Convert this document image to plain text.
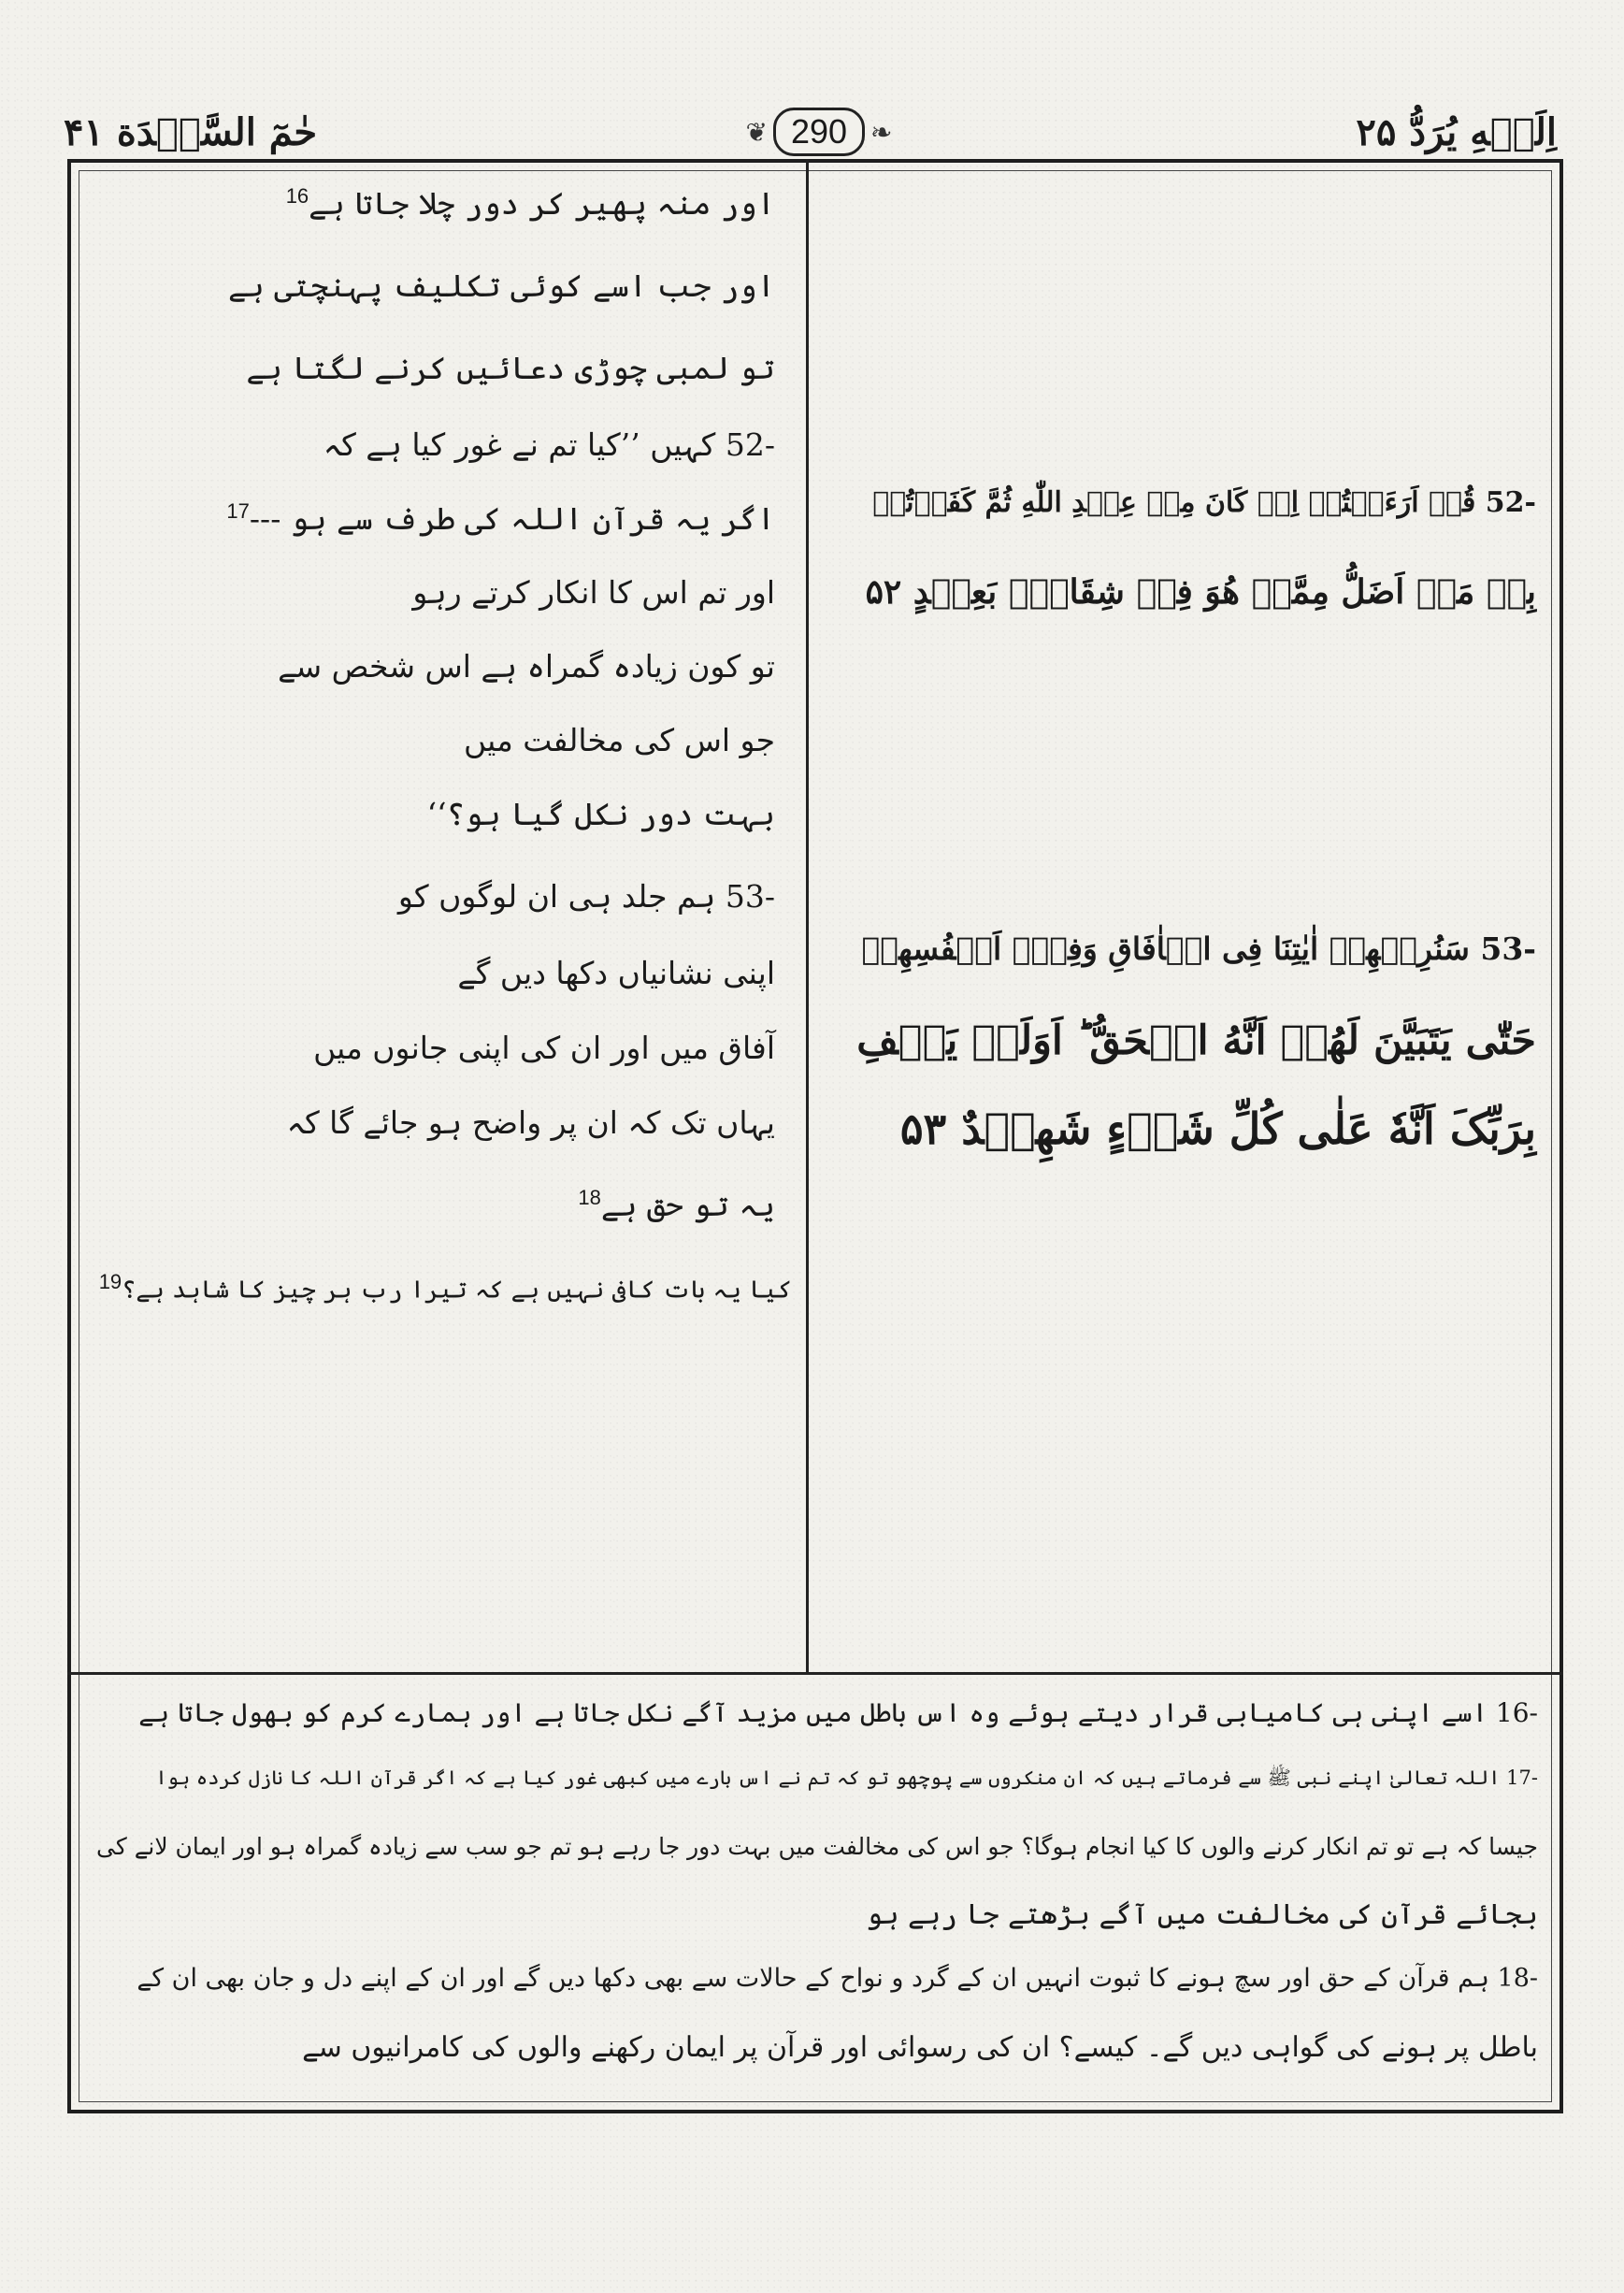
حٰمٓ السَّجۡدَة ۴۱	❦ 290 ❧	اِلَیۡهِ یُرَدُّ ۲۵
اور منہ پھیر کر دور چلا جاتا ہے$^{16}$
اور جب اسے کوئی تکلیف پہنچتی ہے
تو لمبی چوڑی دعائیں کرنے لگتا ہے
-52 کہیں ’’کیا تم نے غور کیا ہے کہ
اگر یہ قرآن اللہ کی طرف سے ہو ---$^{17}$
اور تم اس کا انکار کرتے رہو
تو کون زیادہ گمراہ ہے اس شخص سے
جو اس کی مخالفت میں
بہت دور نکل گیا ہو؟‘‘
-53 ہم جلد ہی ان لوگوں کو
اپنی نشانیاں دکھا دیں گے
آفاق میں اور ان کی اپنی جانوں میں
یہاں تک کہ ان پر واضح ہو جائے گا کہ
یہ تو حق ہے$^{18}$
کیا یہ بات کافی نہیں ہے کہ تیرا رب ہر چیز کا شاہد ہے؟$^{19}$
-52 قُلۡ اَرَءَیۡتُمۡ اِنۡ کَانَ مِنۡ عِنۡدِ اللّٰهِ ثُمَّ کَفَرۡتُمۡ
بِهٖ مَنۡ اَضَلُّ مِمَّنۡ هُوَ فِیۡ شِقَاقٍۭ بَعِیۡدٍ ۵۲
-53 سَنُرِیۡهِمۡ اٰیٰتِنَا فِی الۡاٰفَاقِ وَفِیۡۤ اَنۡفُسِهِمۡ
حَتّٰی یَتَبَیَّنَ لَهُمۡ اَنَّهُ الۡحَقُّ ؕ اَوَلَمۡ یَکۡفِ
بِرَبِّکَ اَنَّهٗ عَلٰی کُلِّ شَیۡءٍ شَهِیۡدٌ ۵۳
-16 اسے اپنی ہی کامیابی قرار دیتے ہوئے وہ اس باطل میں مزید آگے نکل جاتا ہے اور ہمارے کرم کو بھول جاتا ہے
-17 اللہ تعالیٰ اپنے نبی ﷺ سے فرماتے ہیں کہ ان منکروں سے پوچھو تو کہ تم نے اس بارے میں کبھی غور کیا ہے کہ اگر قرآن اللہ کا نازل کردہ ہوا
جیسا کہ ہے تو تم انکار کرنے والوں کا کیا انجام ہوگا؟ جو اس کی مخالفت میں بہت دور جا رہے ہو تم جو سب سے زیادہ گمراہ ہو اور ایمان لانے کی
بجائے قرآن کی مخالفت میں آگے بڑھتے جا رہے ہو
-18 ہم قرآن کے حق اور سچ ہونے کا ثبوت انہیں ان کے گرد و نواح کے حالات سے بھی دکھا دیں گے اور ان کے اپنے دل و جان بھی ان کے
باطل پر ہونے کی گواہی دیں گے۔ کیسے؟ ان کی رسوائی اور قرآن پر ایمان رکھنے والوں کی کامرانیوں سے
